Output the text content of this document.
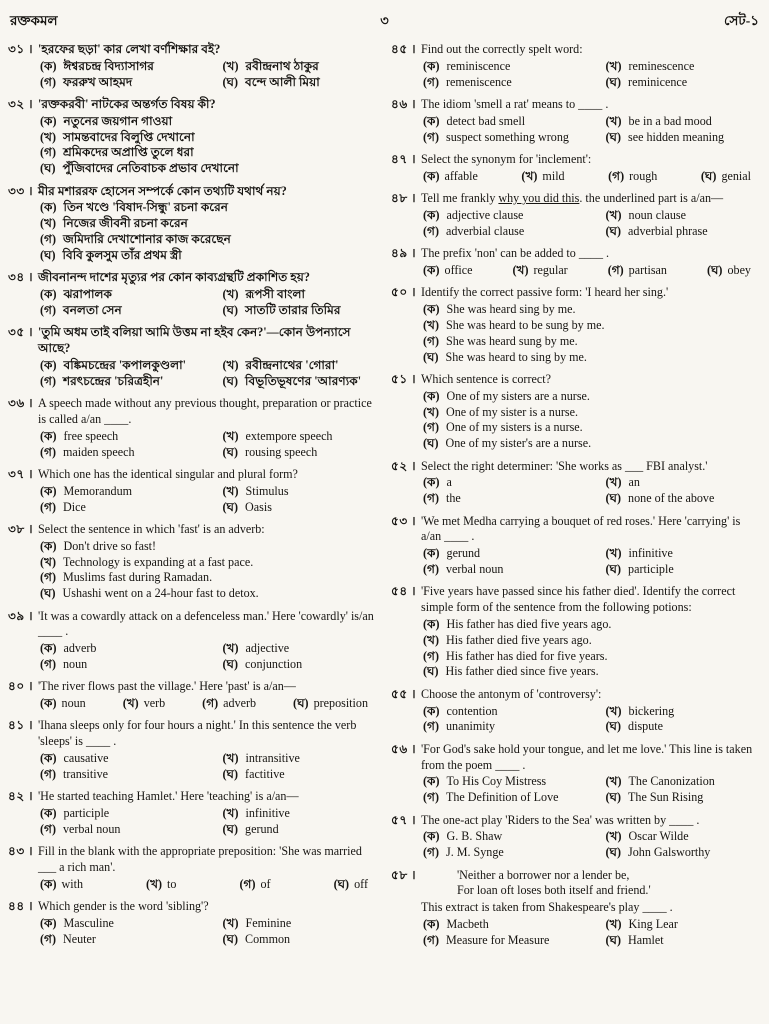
রক্তকমল	৩	সেট-১
৩১ । 'হরফের ছড়া' কার লেখা বর্ণশিক্ষার বই?
(ক) ঈশ্বরচন্দ্র বিদ্যাসাগর	(খ) রবীন্দ্রনাথ ঠাকুর
(গ) ফররুখ আহমদ	(ঘ) বন্দে আলী মিয়া
৩২ । 'রক্তকরবী' নাটকের অন্তর্গত বিষয় কী?
(ক) নতুনের জয়গান গাওয়া
(খ) সামন্তবাদের বিলুপ্তি দেখানো
(গ) শ্রমিকদের অপ্রাপ্তি তুলে ধরা
(ঘ) পুঁজিবাদের নেতিবাচক প্রভাব দেখানো
৩৩ । মীর মশাররফ হোসেন সম্পর্কে কোন তথ্যটি যথার্থ নয়?
(ক) তিন খণ্ডে 'বিষাদ-সিন্ধু' রচনা করেন
(খ) নিজের জীবনী রচনা করেন
(গ) জমিদারি দেখাশোনার কাজ করেছেন
(ঘ) বিবি কুলসুম তাঁর প্রথম স্ত্রী
৩৪ । জীবনানন্দ দাশের মৃত্যুর পর কোন কাব্যগ্রন্থটি প্রকাশিত হয়?
(ক) ঝরাপালক	(খ) রূপসী বাংলা
(গ) বনলতা সেন	(ঘ) সাতটি তারার তিমির
৩৫ । 'তুমি অধম তাই বলিয়া আমি উত্তম না হইব কেন?'—কোন উপন্যাসে আছে?
(ক) বঙ্কিমচন্দ্রের 'কপালকুণ্ডলা'	(খ) রবীন্দ্রনাথের 'গোরা'
(গ) শরৎচন্দ্রের 'চরিত্রহীন'	(ঘ) বিভূতিভূষণের 'আরণ্যক'
৩৬ । A speech made without any previous thought, preparation or practice is called a/an ____.
(ক) free speech	(খ) extempore speech
(গ) maiden speech	(ঘ) rousing speech
৩৭ । Which one has the identical singular and plural form?
(ক) Memorandum	(খ) Stimulus
(গ) Dice	(ঘ) Oasis
৩৮ । Select the sentence in which 'fast' is an adverb:
(ক) Don't drive so fast!
(খ) Technology is expanding at a fast pace.
(গ) Muslims fast during Ramadan.
(ঘ) Ushashi went on a 24-hour fast to detox.
৩৯ । 'It was a cowardly attack on a defenceless man.' Here 'cowardly' is/an ____ .
(ক) adverb	(খ) adjective
(গ) noun	(ঘ) conjunction
৪০ । 'The river flows past the village.' Here 'past' is a/an—
(ক) noun	(খ) verb	(গ) adverb	(ঘ) preposition
৪১ । 'Ihana sleeps only for four hours a night.' In this sentence the verb 'sleeps' is ____ .
(ক) causative	(খ) intransitive
(গ) transitive	(ঘ) factitive
৪২ । 'He started teaching Hamlet.' Here 'teaching' is a/an—
(ক) participle	(খ) infinitive
(গ) verbal noun	(ঘ) gerund
৪৩ । Fill in the blank with the appropriate preposition: 'She was married ___ a rich man'.
(ক) with	(খ) to	(গ) of	(ঘ) off
৪৪ । Which gender is the word 'sibling'?
(ক) Masculine	(খ) Feminine
(গ) Neuter	(ঘ) Common
৪৫ । Find out the correctly spelt word:
(ক) reminiscence	(খ) reminescence
(গ) remeniscence	(ঘ) reminicence
৪৬ । The idiom 'smell a rat' means to ____ .
(ক) detect bad smell	(খ) be in a bad mood
(গ) suspect something wrong	(ঘ) see hidden meaning
৪৭ । Select the synonym for 'inclement':
(ক) affable	(খ) mild	(গ) rough	(ঘ) genial
৪৮ । Tell me frankly why you did this. the underlined part is a/an—
(ক) adjective clause	(খ) noun clause
(গ) adverbial clause	(ঘ) adverbial phrase
৪৯ । The prefix 'non' can be added to ____ .
(ক) office	(খ) regular	(গ) partisan	(ঘ) obey
৫০ । Identify the correct passive form: 'I heard her sing.'
(ক) She was heard sing by me.
(খ) She was heard to be sung by me.
(গ) She was heard sung by me.
(ঘ) She was heard to sing by me.
৫১ । Which sentence is correct?
(ক) One of my sisters are a nurse.
(খ) One of my sister is a nurse.
(গ) One of my sisters is a nurse.
(ঘ) One of my sister's are a nurse.
৫২ । Select the right determiner: 'She works as ___ FBI analyst.'
(ক) a	(খ) an
(গ) the	(ঘ) none of the above
৫৩ । 'We met Medha carrying a bouquet of red roses.' Here 'carrying' is a/an ____ .
(ক) gerund	(খ) infinitive
(গ) verbal noun	(ঘ) participle
৫৪ । 'Five years have passed since his father died'. Identify the correct simple form of the sentence from the following potions:
(ক) His father has died five years ago.
(খ) His father died five years ago.
(গ) His father has died for five years.
(ঘ) His father died since five years.
৫৫ । Choose the antonym of 'controversy':
(ক) contention	(খ) bickering
(গ) unanimity	(ঘ) dispute
৫৬ । 'For God's sake hold your tongue, and let me love.' This line is taken from the poem ____ .
(ক) To His Coy Mistress	(খ) The Canonization
(গ) The Definition of Love	(ঘ) The Sun Rising
৫৭ । The one-act play 'Riders to the Sea' was written by ____ .
(ক) G. B. Shaw	(খ) Oscar Wilde
(গ) J. M. Synge	(ঘ) John Galsworthy
৫৮ ।	'Neither a borrower nor a lender be,
For loan oft loses both itself and friend.'
This extract is taken from Shakespeare's play ____ .
(ক) Macbeth	(খ) King Lear
(গ) Measure for Measure	(ঘ) Hamlet
